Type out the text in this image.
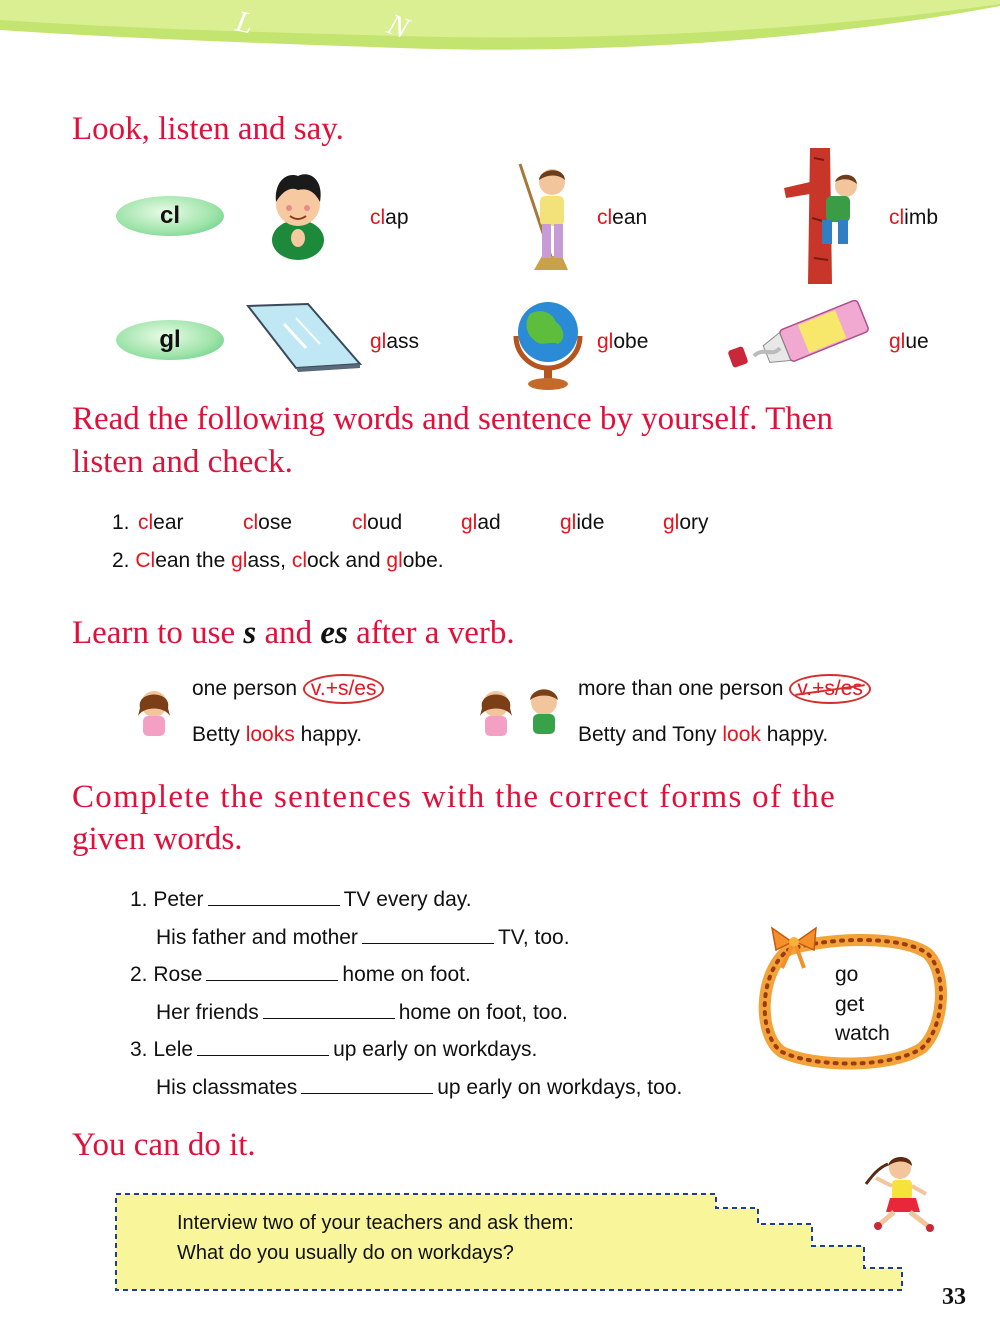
L	N
Look, listen and say.
cl
gl
clap	clean	climb
glass	globe	glue
Read the following words and sentence by yourself. Then
listen and check.
1. clear	close	cloud	glad	glide	glory
2. Clean the glass, clock and globe.
Learn to use s and es after a verb.
one person v.+s/es
Betty looks happy.
more than one person v.+s/es
Betty and Tony look happy.
Complete the sentences with the correct forms of the
given words.
1. Peter	TV every day.
His father and mother	TV, too.
2. Rose	home on foot.
Her friends	home on foot, too.
3. Lele	up early on workdays.
His classmates	up early on workdays, too.
go
get
watch
You can do it.
Interview two of your teachers and ask them:
What do you usually do on workdays?
33
